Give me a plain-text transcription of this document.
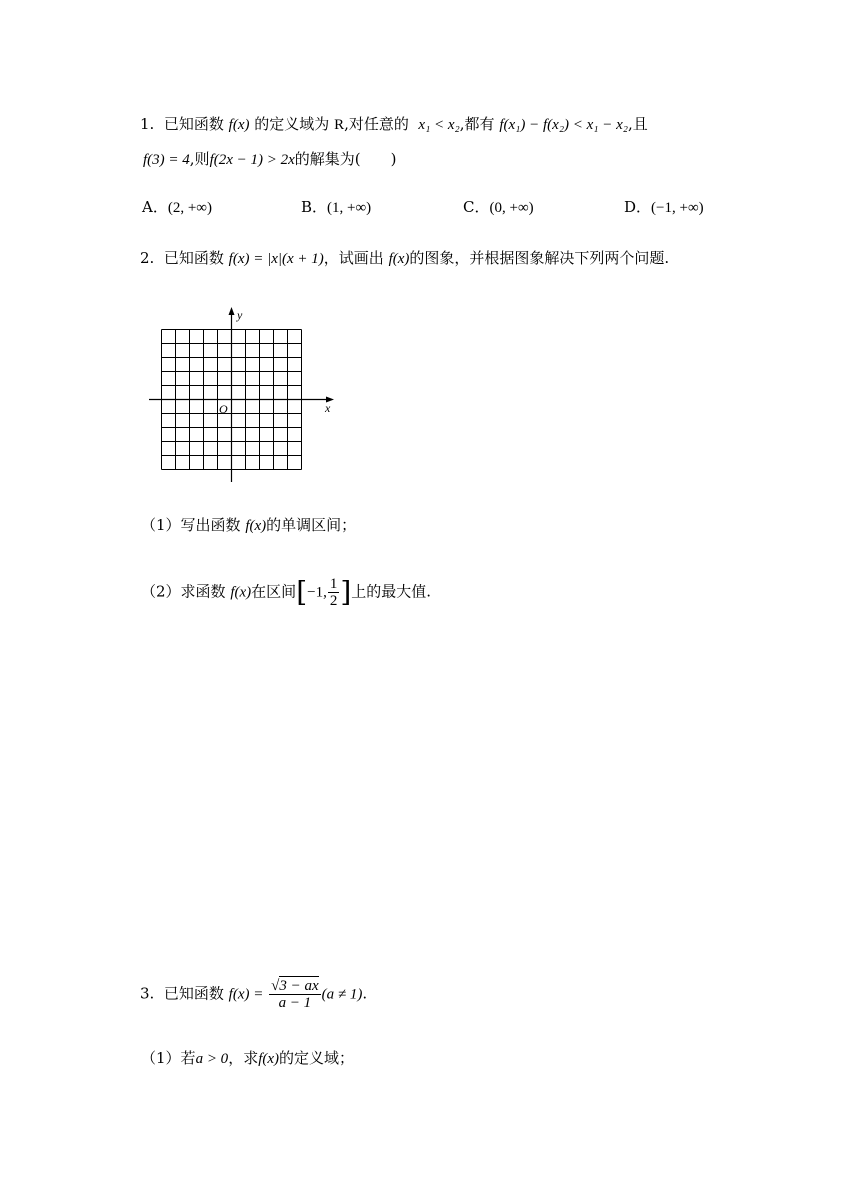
1. 已知函数 f(x) 的定义域为 R,对任意的 x₁ < x₂,都有 f(x₁) − f(x₂) < x₁ − x₂,且
f(3) = 4,则f(2x − 1) > 2x的解集为(　　)
A．(2, +∞)	B．(1, +∞)	C．(0, +∞)	D．(−1, +∞)
2. 已知函数 f(x) = |x|(x + 1)，试画出 f(x)的图象，并根据图象解决下列两个问题.
y
x
O
（1）写出函数 f(x)的单调区间；
（2）求函数 f(x)在区间[−1, $\frac{1}{2}$ ]上的最大值.
3. 已知函数 $f(x) = \frac{√3 - ax}{a - 1} (a \ne 1)$.
（1）若a > 0，求f(x)的定义域；
